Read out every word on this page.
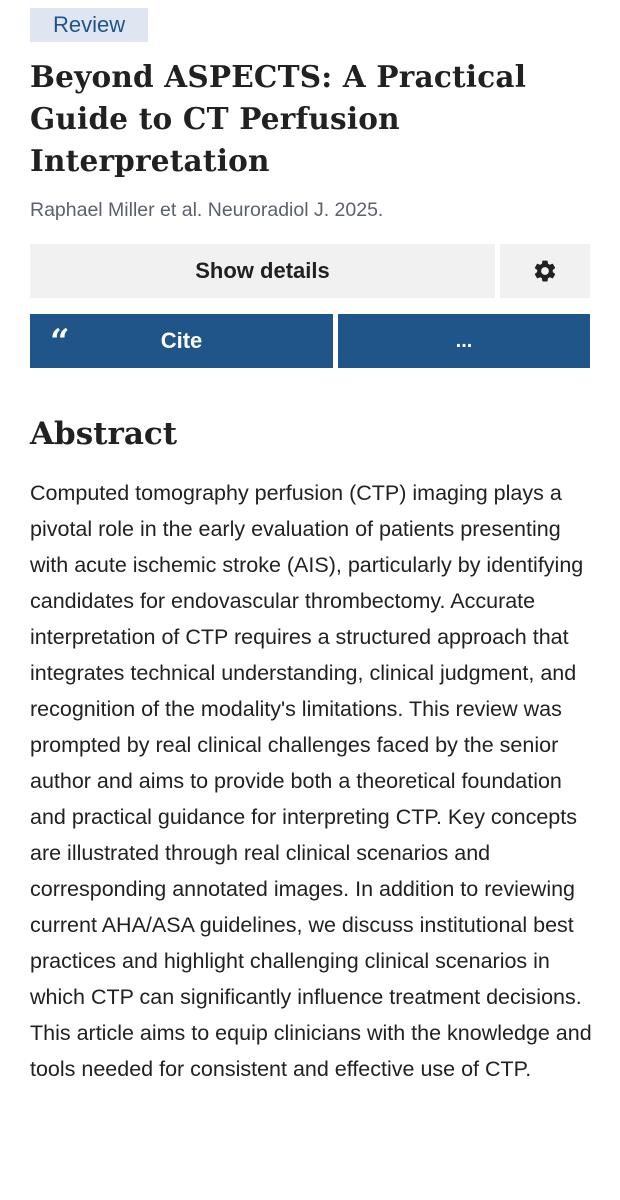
Review
Beyond ASPECTS: A Practical Guide to CT Perfusion Interpretation
Raphael Miller et al. Neuroradiol J. 2025.
Show details
“	Cite	...
Abstract
Computed tomography perfusion (CTP) imaging plays a pivotal role in the early evaluation of patients presenting with acute ischemic stroke (AIS), particularly by identifying candidates for endovascular thrombectomy. Accurate interpretation of CTP requires a structured approach that integrates technical understanding, clinical judgment, and recognition of the modality's limitations. This review was prompted by real clinical challenges faced by the senior author and aims to provide both a theoretical foundation and practical guidance for interpreting CTP. Key concepts are illustrated through real clinical scenarios and corresponding annotated images. In addition to reviewing current AHA/ASA guidelines, we discuss institutional best practices and highlight challenging clinical scenarios in which CTP can significantly influence treatment decisions. This article aims to equip clinicians with the knowledge and tools needed for consistent and effective use of CTP.
